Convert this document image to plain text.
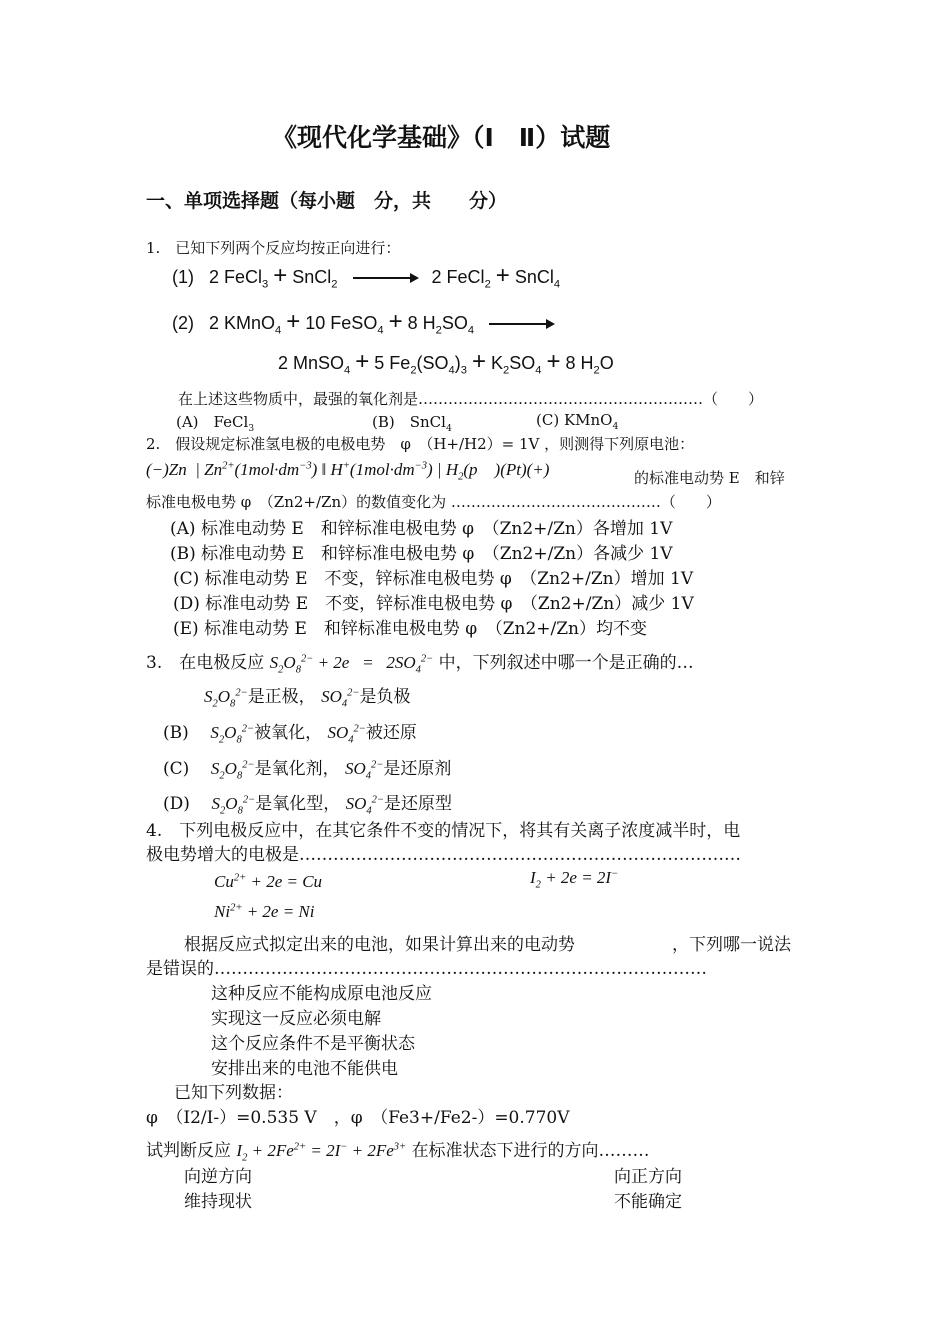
《现代化学基础》（Ⅰ　Ⅱ）试题
一、单项选择题（每小题　分，共　　分）
1.　已知下列两个反应均按正向进行：
(1)   2 FeCl$_3$ + SnCl$_2$ → 2 FeCl$_2$ + SnCl$_4$
(2)   2 KMnO$_4$ + 10 FeSO$_4$ + 8 $H_2SO_4$
2 MnSO$_4$ + 5 $Fe_2(SO_4)_3 + K_2SO_4 + 8$ $H_2O$
在上述这些物质中，最强的氧化剂是…………………………………………………（　　）
(A)　FeCl$_3$	(B)　SnCl$_4$	(C) KMnO$_4$
2.　假设规定标准氢电极的电极电势　φ　（H+/H2）= 1V ，则测得下列原电池：
(−)Zn  | $Zn^{2+}(1mol\cdot dm^{-3})$ ‖ $H^+(1mol\cdot dm^{-3})$ | $H_2(p$    )(Pt)(+)	的标准电动势 E　和锌
标准电极电势 φ　（Zn2+/Zn）的数值变化为 ……………………………………（　　）
(A) 标准电动势 E　和锌标准电极电势 φ　（Zn2+/Zn）各增加 1V
(B) 标准电动势 E　和锌标准电极电势 φ　（Zn2+/Zn）各减少 1V
(C) 标准电动势 E　不变，锌标准电极电势 φ　（Zn2+/Zn）增加 1V
(D) 标准电动势 E　不变，锌标准电极电势 φ　（Zn2+/Zn）减少 1V
(E) 标准电动势 E　和锌标准电极电势 φ　（Zn2+/Zn）均不变
3.　在电极反应 $S_2O_8^{2-} + 2e = 2SO_4^{2-}$ 中，下列叙述中哪一个是正确的…
$S_2O_8^{2-}$是正极， $SO_4^{2-}$是负极
(B) $S_2O_8^{2-}$被氧化， $SO_4^{2-}$被还原
(C) $S_2O_8^{2-}$是氧化剂， $SO_4^{2-}$是还原剂
(D) $S_2O_8^{2-}$是氧化型， $SO_4^{2-}$是还原型
4.　下列电极反应中，在其它条件不变的情况下，将其有关离子浓度减半时，电
极电势增大的电极是……………………………………………………………………
$Cu^{2+} + 2e = Cu$	$I_2 + 2e = 2I^-$
$Ni^{2+} + 2e = Ni$
根据反应式拟定出来的电池，如果计算出来的电动势	，下列哪一说法
是错误的……………………………………………………………………………
这种反应不能构成原电池反应
实现这一反应必须电解
这个反应条件不是平衡状态
安排出来的电池不能供电
已知下列数据：
φ　（I2/I-）=0.535 V　，φ　（Fe3+/Fe2-）=0.770V
试判断反应 $I_2 + 2Fe^{2+} = 2I^- + 2Fe^{3+}$ 在标准状态下进行的方向………
向逆方向	向正方向
维持现状	不能确定
